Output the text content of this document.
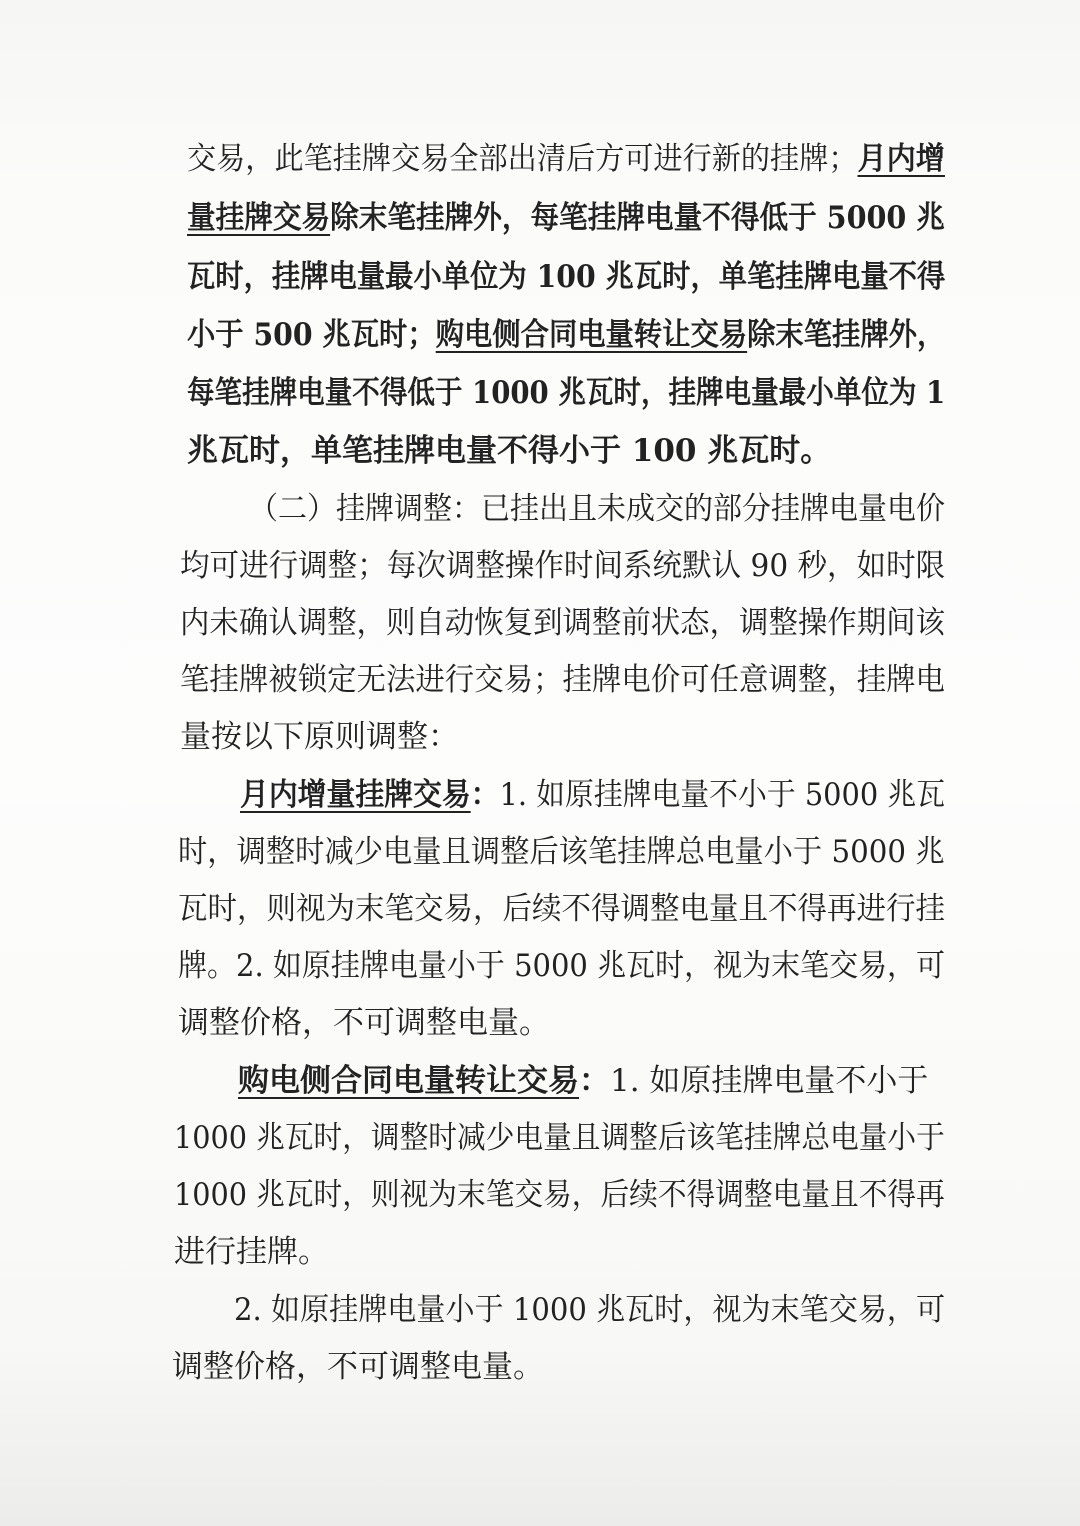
交易，此笔挂牌交易全部出清后方可进行新的挂牌；月内增
量挂牌交易除末笔挂牌外，每笔挂牌电量不得低于 5000 兆
瓦时，挂牌电量最小单位为 100 兆瓦时，单笔挂牌电量不得
小于 500 兆瓦时；购电侧合同电量转让交易除末笔挂牌外，
每笔挂牌电量不得低于 1000 兆瓦时，挂牌电量最小单位为 1
兆瓦时，单笔挂牌电量不得小于 100 兆瓦时。
（二）挂牌调整：已挂出且未成交的部分挂牌电量电价
均可进行调整；每次调整操作时间系统默认 90 秒，如时限
内未确认调整，则自动恢复到调整前状态，调整操作期间该
笔挂牌被锁定无法进行交易；挂牌电价可任意调整，挂牌电
量按以下原则调整：
月内增量挂牌交易：1. 如原挂牌电量不小于 5000 兆瓦
时，调整时减少电量且调整后该笔挂牌总电量小于 5000 兆
瓦时，则视为末笔交易，后续不得调整电量且不得再进行挂
牌。2. 如原挂牌电量小于 5000 兆瓦时，视为末笔交易，可
调整价格，不可调整电量。
购电侧合同电量转让交易：1. 如原挂牌电量不小于
1000 兆瓦时，调整时减少电量且调整后该笔挂牌总电量小于
1000 兆瓦时，则视为末笔交易，后续不得调整电量且不得再
进行挂牌。
2. 如原挂牌电量小于 1000 兆瓦时，视为末笔交易，可
调整价格，不可调整电量。
